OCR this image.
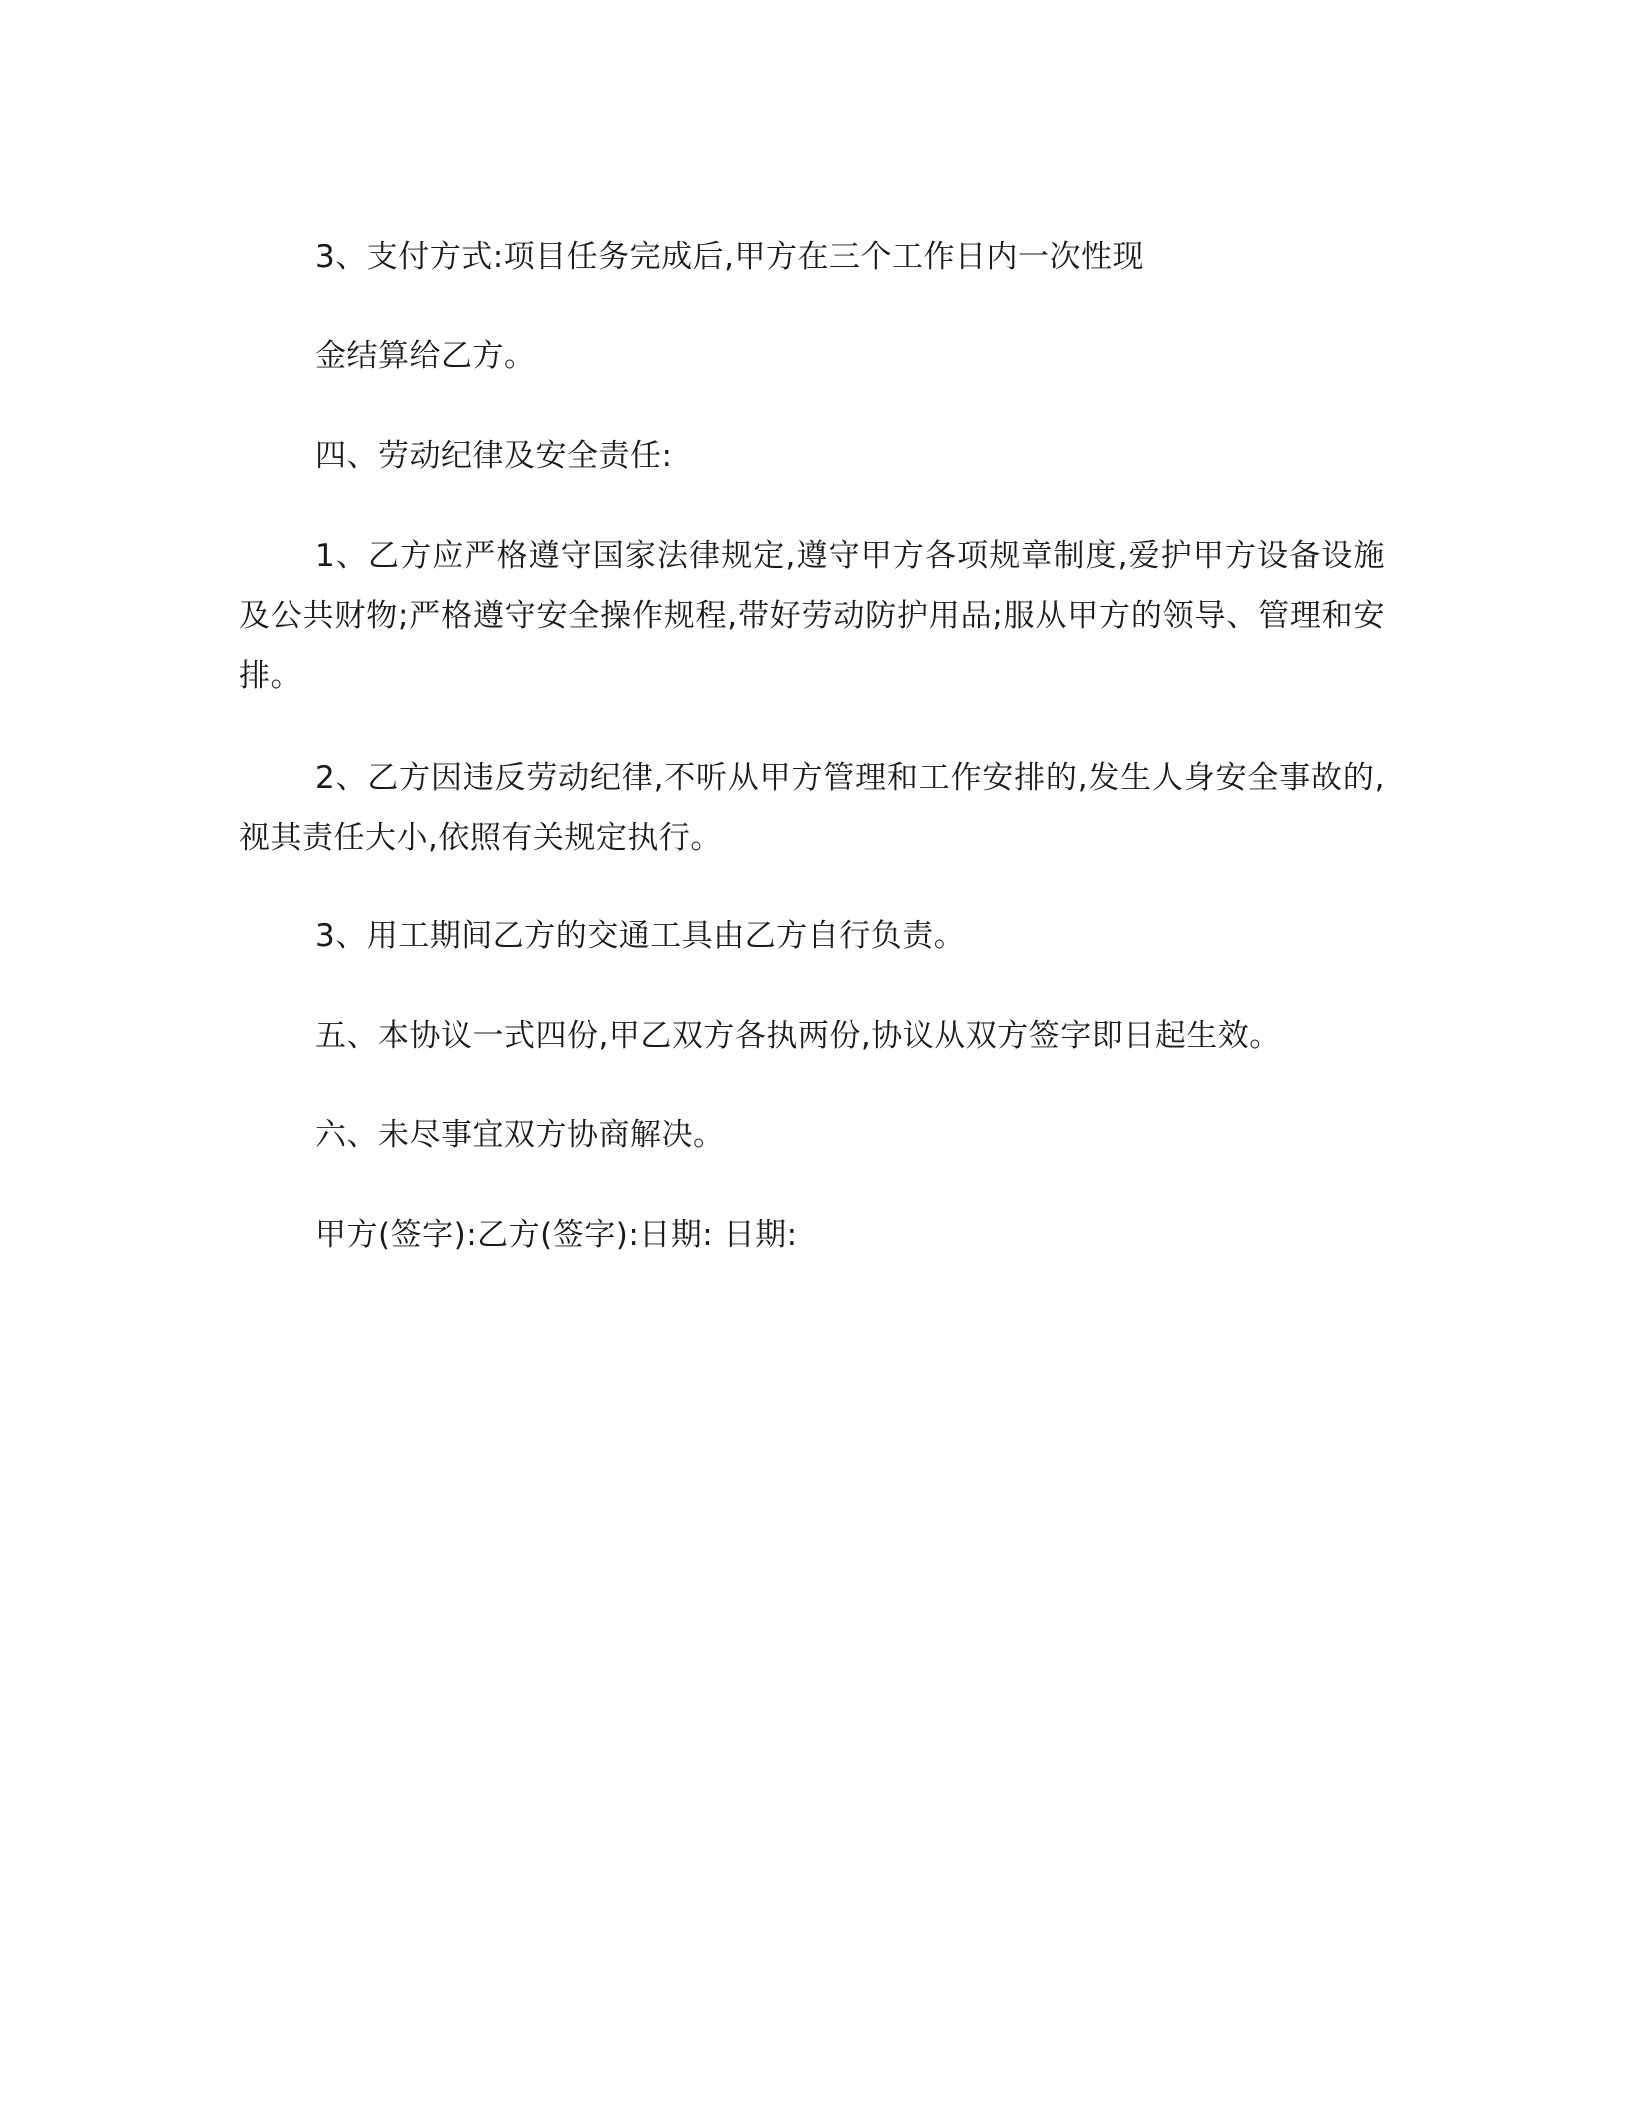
3、支付方式:项目任务完成后,甲方在三个工作日内一次性现

金结算给乙方。

四、劳动纪律及安全责任:

1、乙方应严格遵守国家法律规定,遵守甲方各项规章制度,爱护甲方设备设施及公共财物;严格遵守安全操作规程,带好劳动防护用品;服从甲方的领导、管理和安排。

2、乙方因违反劳动纪律,不听从甲方管理和工作安排的,发生人身安全事故的,视其责任大小,依照有关规定执行。

3、用工期间乙方的交通工具由乙方自行负责。

五、本协议一式四份,甲乙双方各执两份,协议从双方签字即日起生效。

六、未尽事宜双方协商解决。

甲方(签字):乙方(签字):日期: 日期:
